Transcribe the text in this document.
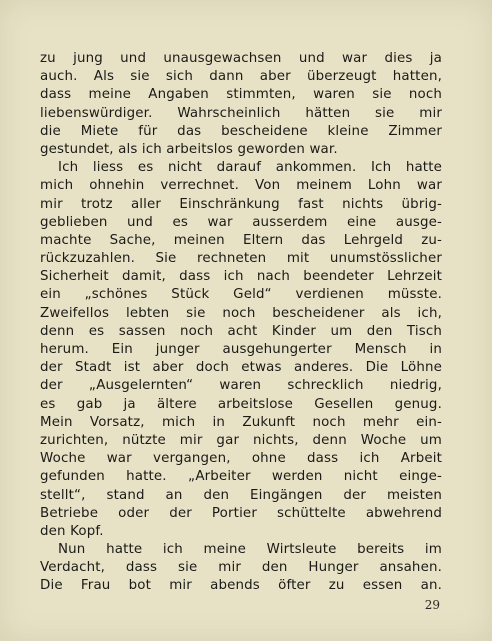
zu jung und unausgewachsen und war dies ja
auch. Als sie sich dann aber überzeugt hatten,
dass meine Angaben stimmten, waren sie noch
liebenswürdiger. Wahrscheinlich hätten sie mir
die Miete für das bescheidene kleine Zimmer
gestundet, als ich arbeitslos geworden war.
Ich liess es nicht darauf ankommen. Ich hatte
mich ohnehin verrechnet. Von meinem Lohn war
mir trotz aller Einschränkung fast nichts übrig-
geblieben und es war ausserdem eine ausge-
machte Sache, meinen Eltern das Lehrgeld zu-
rückzuzahlen. Sie rechneten mit unumstösslicher
Sicherheit damit, dass ich nach beendeter Lehrzeit
ein „schönes Stück Geld“ verdienen müsste.
Zweifellos lebten sie noch bescheidener als ich,
denn es sassen noch acht Kinder um den Tisch
herum. Ein junger ausgehungerter Mensch in
der Stadt ist aber doch etwas anderes. Die Löhne
der „Ausgelernten“ waren schrecklich niedrig,
es gab ja ältere arbeitslose Gesellen genug.
Mein Vorsatz, mich in Zukunft noch mehr ein-
zurichten, nützte mir gar nichts, denn Woche um
Woche war vergangen, ohne dass ich Arbeit
gefunden hatte. „Arbeiter werden nicht einge-
stellt“, stand an den Eingängen der meisten
Betriebe oder der Portier schüttelte abwehrend
den Kopf.
Nun hatte ich meine Wirtsleute bereits im
Verdacht, dass sie mir den Hunger ansahen.
Die Frau bot mir abends öfter zu essen an.
29
